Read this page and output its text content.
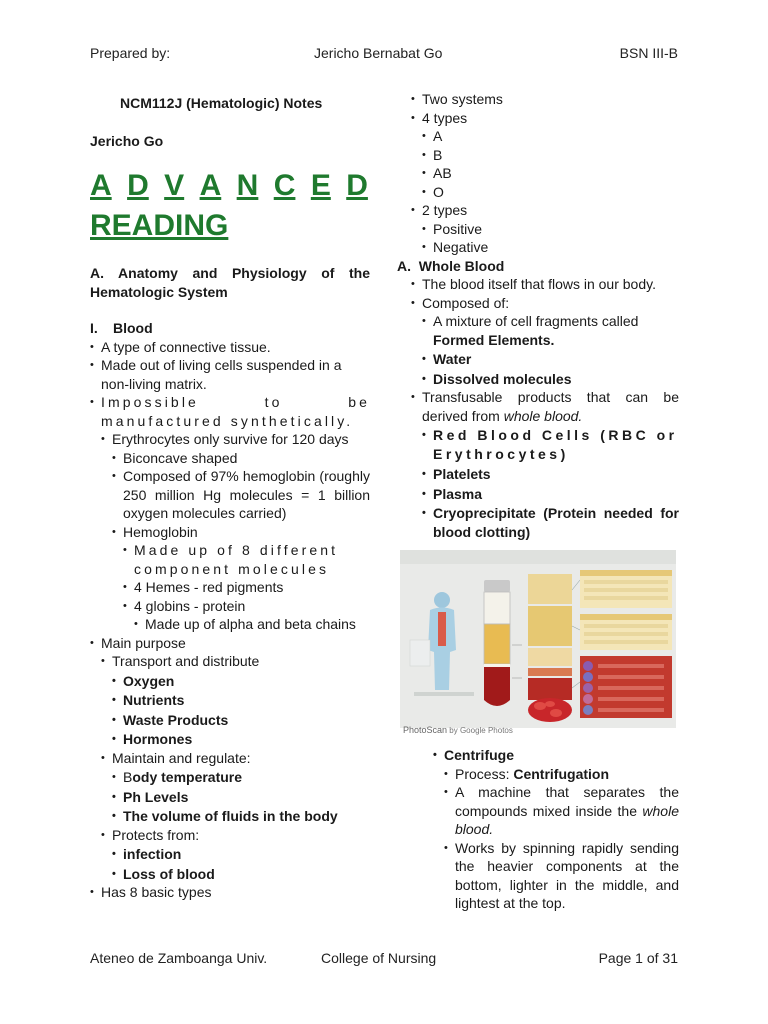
Prepared by:	Jericho Bernabat Go	BSN III-B
NCM112J (Hematologic) Notes
Jericho Go
A D V A N C E D
READING
A. Anatomy and Physiology of the Hematologic System
I. Blood
• A type of connective tissue.
• Made out of living cells suspended in a non-living matrix.
• Impossible to be manufactured synthetically.
• Erythrocytes only survive for 120 days
• Biconcave shaped
• Composed of 97% hemoglobin (roughly 250 million Hg molecules = 1 billion oxygen molecules carried)
• Hemoglobin
• Made up of 8 different component molecules
• 4 Hemes - red pigments
• 4 globins - protein
• Made up of alpha and beta chains
• Main purpose
• Transport and distribute
• Oxygen
• Nutrients
• Waste Products
• Hormones
• Maintain and regulate:
• Body temperature
• Ph Levels
• The volume of fluids in the body
• Protects from:
• infection
• Loss of blood
• Has 8 basic types
• Two systems
• 4 types
• A
• B
• AB
• O
• 2 types
• Positive
• Negative
A.  Whole Blood
• The blood itself that flows in our body.
• Composed of:
• A mixture of cell fragments called
Formed Elements.
• Water
• Dissolved molecules
• Transfusable products that can be derived from whole blood.
• Red Blood Cells (RBC or Erythrocytes)
• Platelets
• Plasma
• Cryoprecipitate (Protein needed for blood clotting)
PhotoScan by Google Photos
• Centrifuge
• Process: Centrifugation
• A machine that separates the compounds mixed inside the whole blood.
• Works by spinning rapidly sending the heavier components at the bottom, lighter in the middle, and lightest at the top.
Ateneo de Zamboanga Univ.	College of Nursing	Page 1 of 31
